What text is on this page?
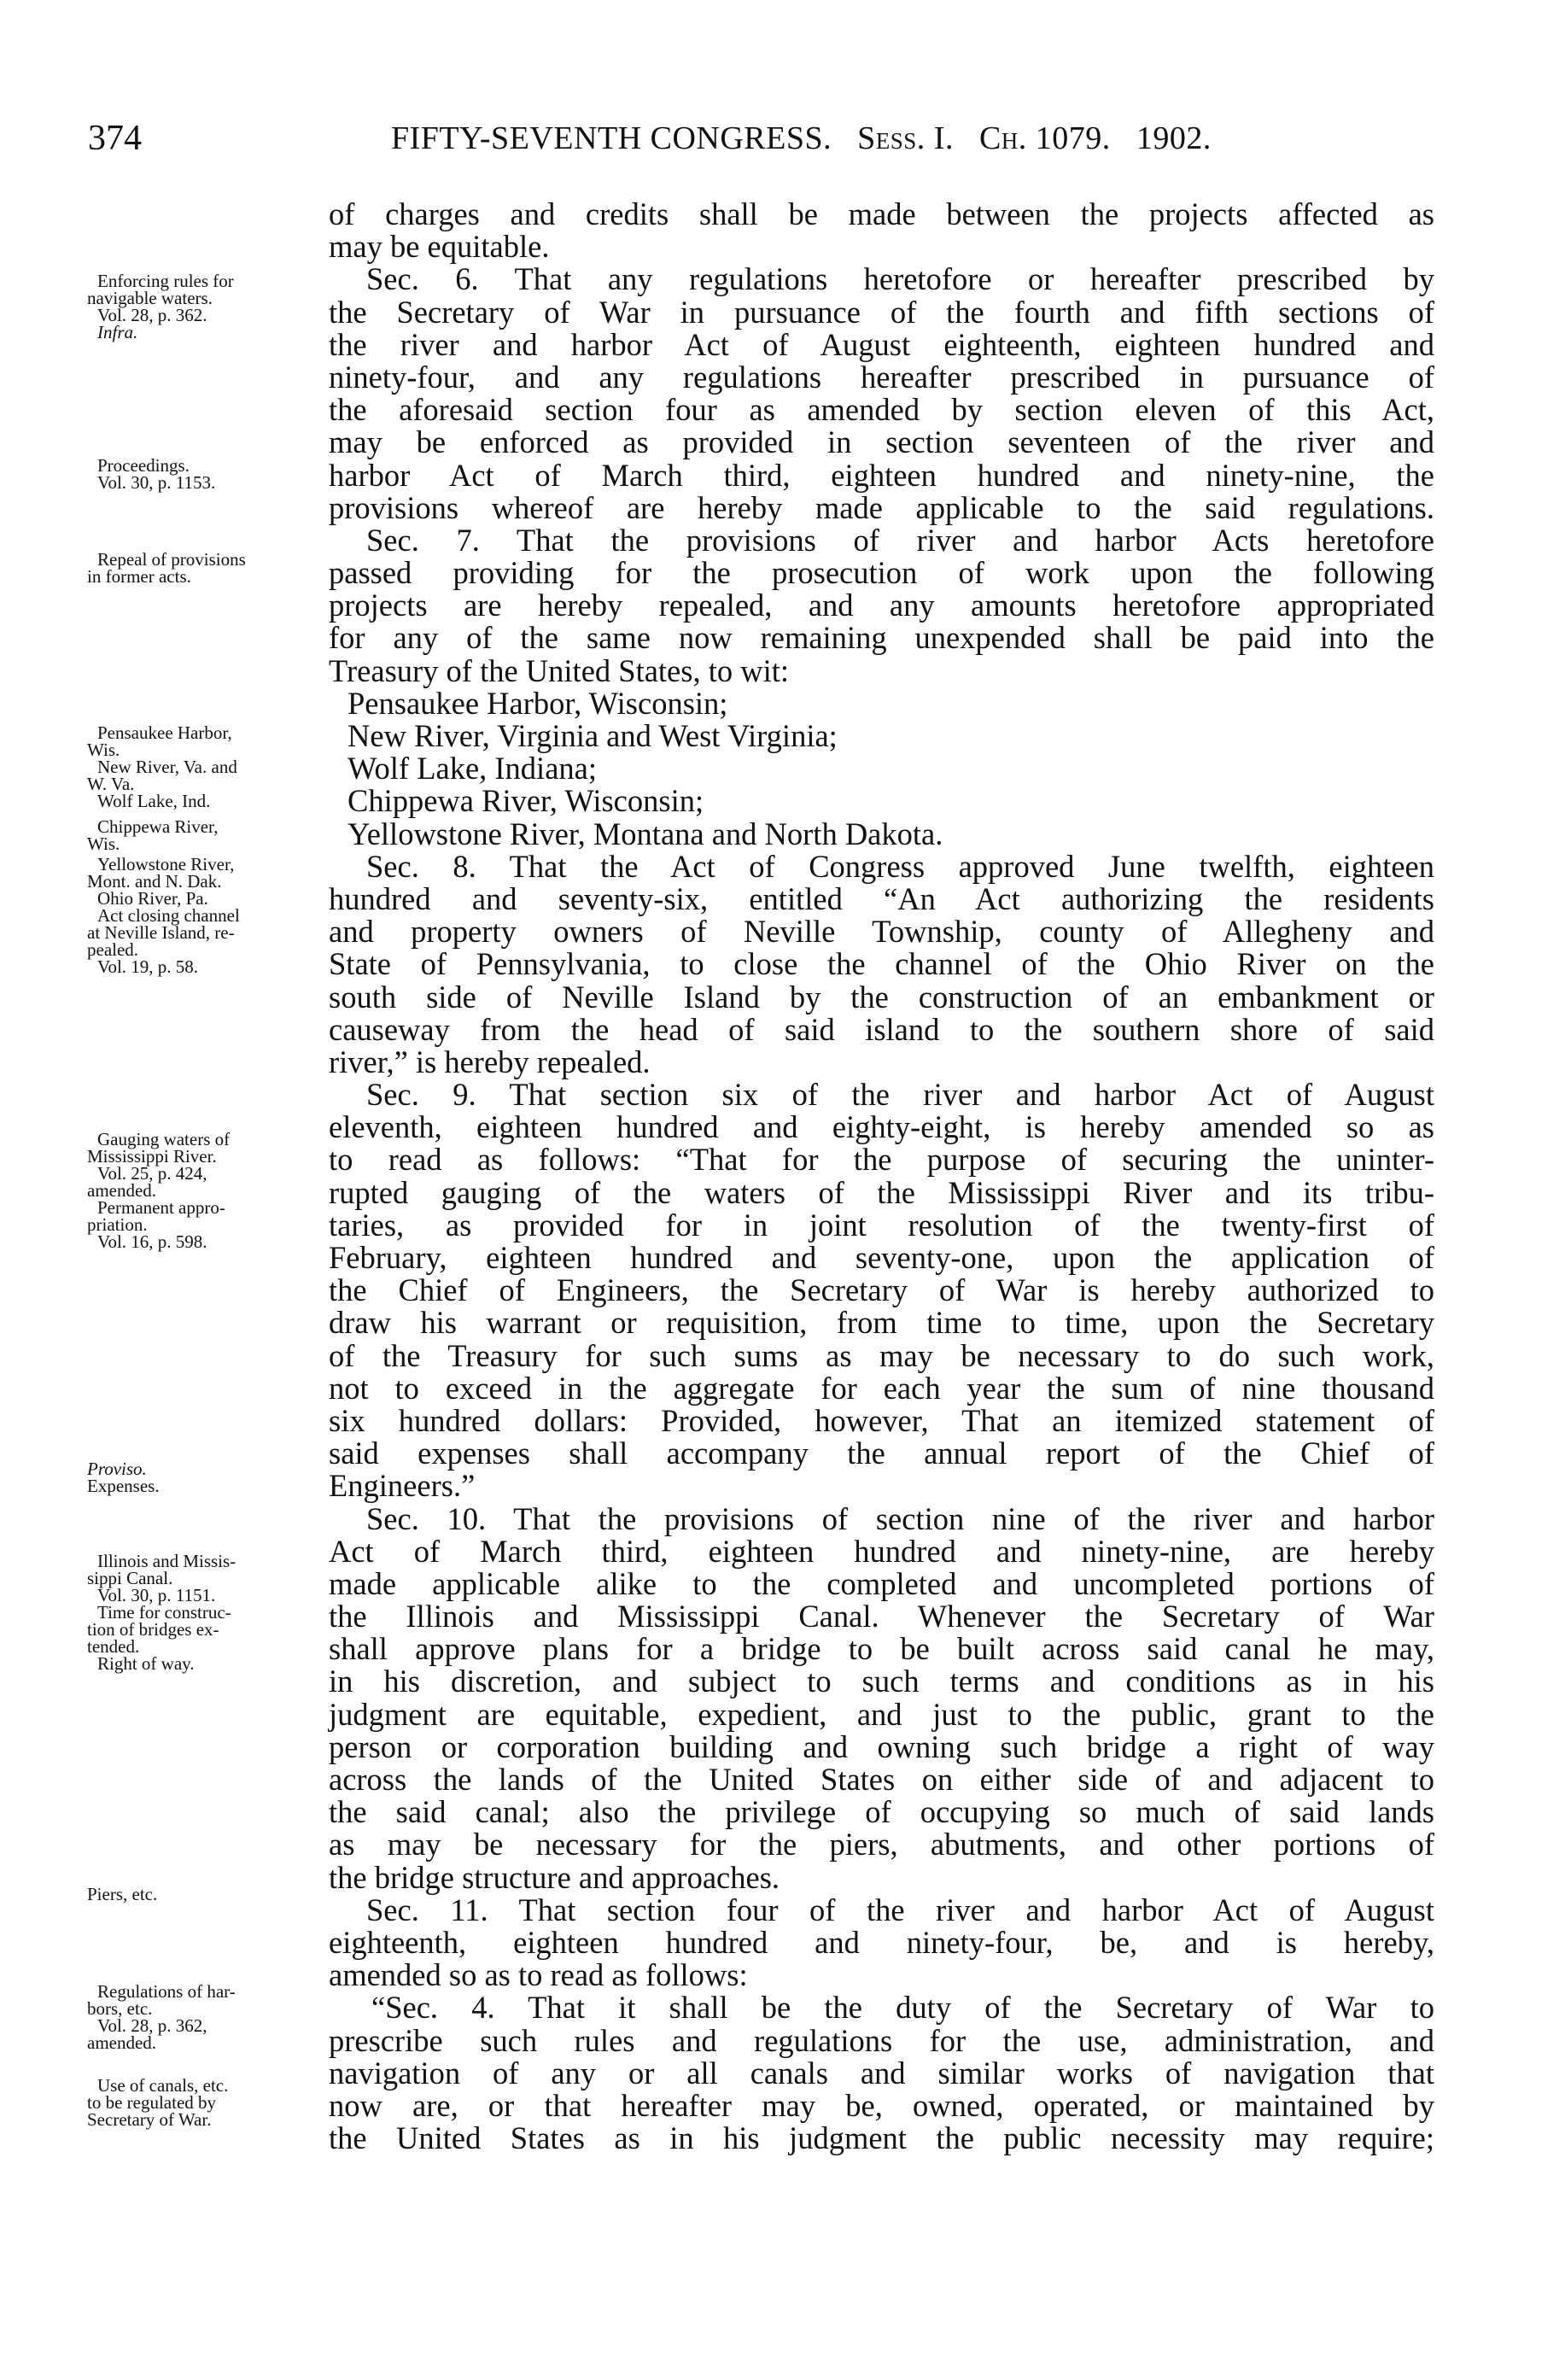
374	FIFTY-SEVENTH CONGRESS. Sess. I. Ch. 1079. 1902.
Enforcing rules for
navigable waters.
Vol. 28, p. 362.
Infra.
Proceedings.
Vol. 30, p. 1153.
Repeal of provisions
in former acts.
Pensaukee Harbor,
Wis.
New River, Va. and
W. Va.
Wolf Lake, Ind.
Chippewa River,
Wis.
Yellowstone River,
Mont. and N. Dak.
Ohio River, Pa.
Act closing channel
at Neville Island, re-
pealed.
Vol. 19, p. 58.
Gauging waters of
Mississippi River.
Vol. 25, p. 424,
amended.
Permanent appro-
priation.
Vol. 16, p. 598.
Proviso.
Expenses.
Illinois and Missis-
sippi Canal.
Vol. 30, p. 1151.
Time for construc-
tion of bridges ex-
tended.
Right of way.
Piers, etc.
Regulations of har-
bors, etc.
Vol. 28, p. 362,
amended.
Use of canals, etc.
to be regulated by
Secretary of War.
of charges and credits shall be made between the projects affected as
may be equitable.
Sec. 6. That any regulations heretofore or hereafter prescribed by
the Secretary of War in pursuance of the fourth and fifth sections of
the river and harbor Act of August eighteenth, eighteen hundred and
ninety-four, and any regulations hereafter prescribed in pursuance of
the aforesaid section four as amended by section eleven of this Act,
may be enforced as provided in section seventeen of the river and
harbor Act of March third, eighteen hundred and ninety-nine, the
provisions whereof are hereby made applicable to the said regulations.
Sec. 7. That the provisions of river and harbor Acts heretofore
passed providing for the prosecution of work upon the following
projects are hereby repealed, and any amounts heretofore appropriated
for any of the same now remaining unexpended shall be paid into the
Treasury of the United States, to wit:
Pensaukee Harbor, Wisconsin;
New River, Virginia and West Virginia;
Wolf Lake, Indiana;
Chippewa River, Wisconsin;
Yellowstone River, Montana and North Dakota.
Sec. 8. That the Act of Congress approved June twelfth, eighteen
hundred and seventy-six, entitled “An Act authorizing the residents
and property owners of Neville Township, county of Allegheny and
State of Pennsylvania, to close the channel of the Ohio River on the
south side of Neville Island by the construction of an embankment or
causeway from the head of said island to the southern shore of said
river,” is hereby repealed.
Sec. 9. That section six of the river and harbor Act of August
eleventh, eighteen hundred and eighty-eight, is hereby amended so as
to read as follows: “That for the purpose of securing the uninter-
rupted gauging of the waters of the Mississippi River and its tribu-
taries, as provided for in joint resolution of the twenty-first of
February, eighteen hundred and seventy-one, upon the application of
the Chief of Engineers, the Secretary of War is hereby authorized to
draw his warrant or requisition, from time to time, upon the Secretary
of the Treasury for such sums as may be necessary to do such work,
not to exceed in the aggregate for each year the sum of nine thousand
six hundred dollars: Provided, however, That an itemized statement of
said expenses shall accompany the annual report of the Chief of
Engineers.”
Sec. 10. That the provisions of section nine of the river and harbor
Act of March third, eighteen hundred and ninety-nine, are hereby
made applicable alike to the completed and uncompleted portions of
the Illinois and Mississippi Canal. Whenever the Secretary of War
shall approve plans for a bridge to be built across said canal he may,
in his discretion, and subject to such terms and conditions as in his
judgment are equitable, expedient, and just to the public, grant to the
person or corporation building and owning such bridge a right of way
across the lands of the United States on either side of and adjacent to
the said canal; also the privilege of occupying so much of said lands
as may be necessary for the piers, abutments, and other portions of
the bridge structure and approaches.
Sec. 11. That section four of the river and harbor Act of August
eighteenth, eighteen hundred and ninety-four, be, and is hereby,
amended so as to read as follows:
“Sec. 4. That it shall be the duty of the Secretary of War to
prescribe such rules and regulations for the use, administration, and
navigation of any or all canals and similar works of navigation that
now are, or that hereafter may be, owned, operated, or maintained by
the United States as in his judgment the public necessity may require;
